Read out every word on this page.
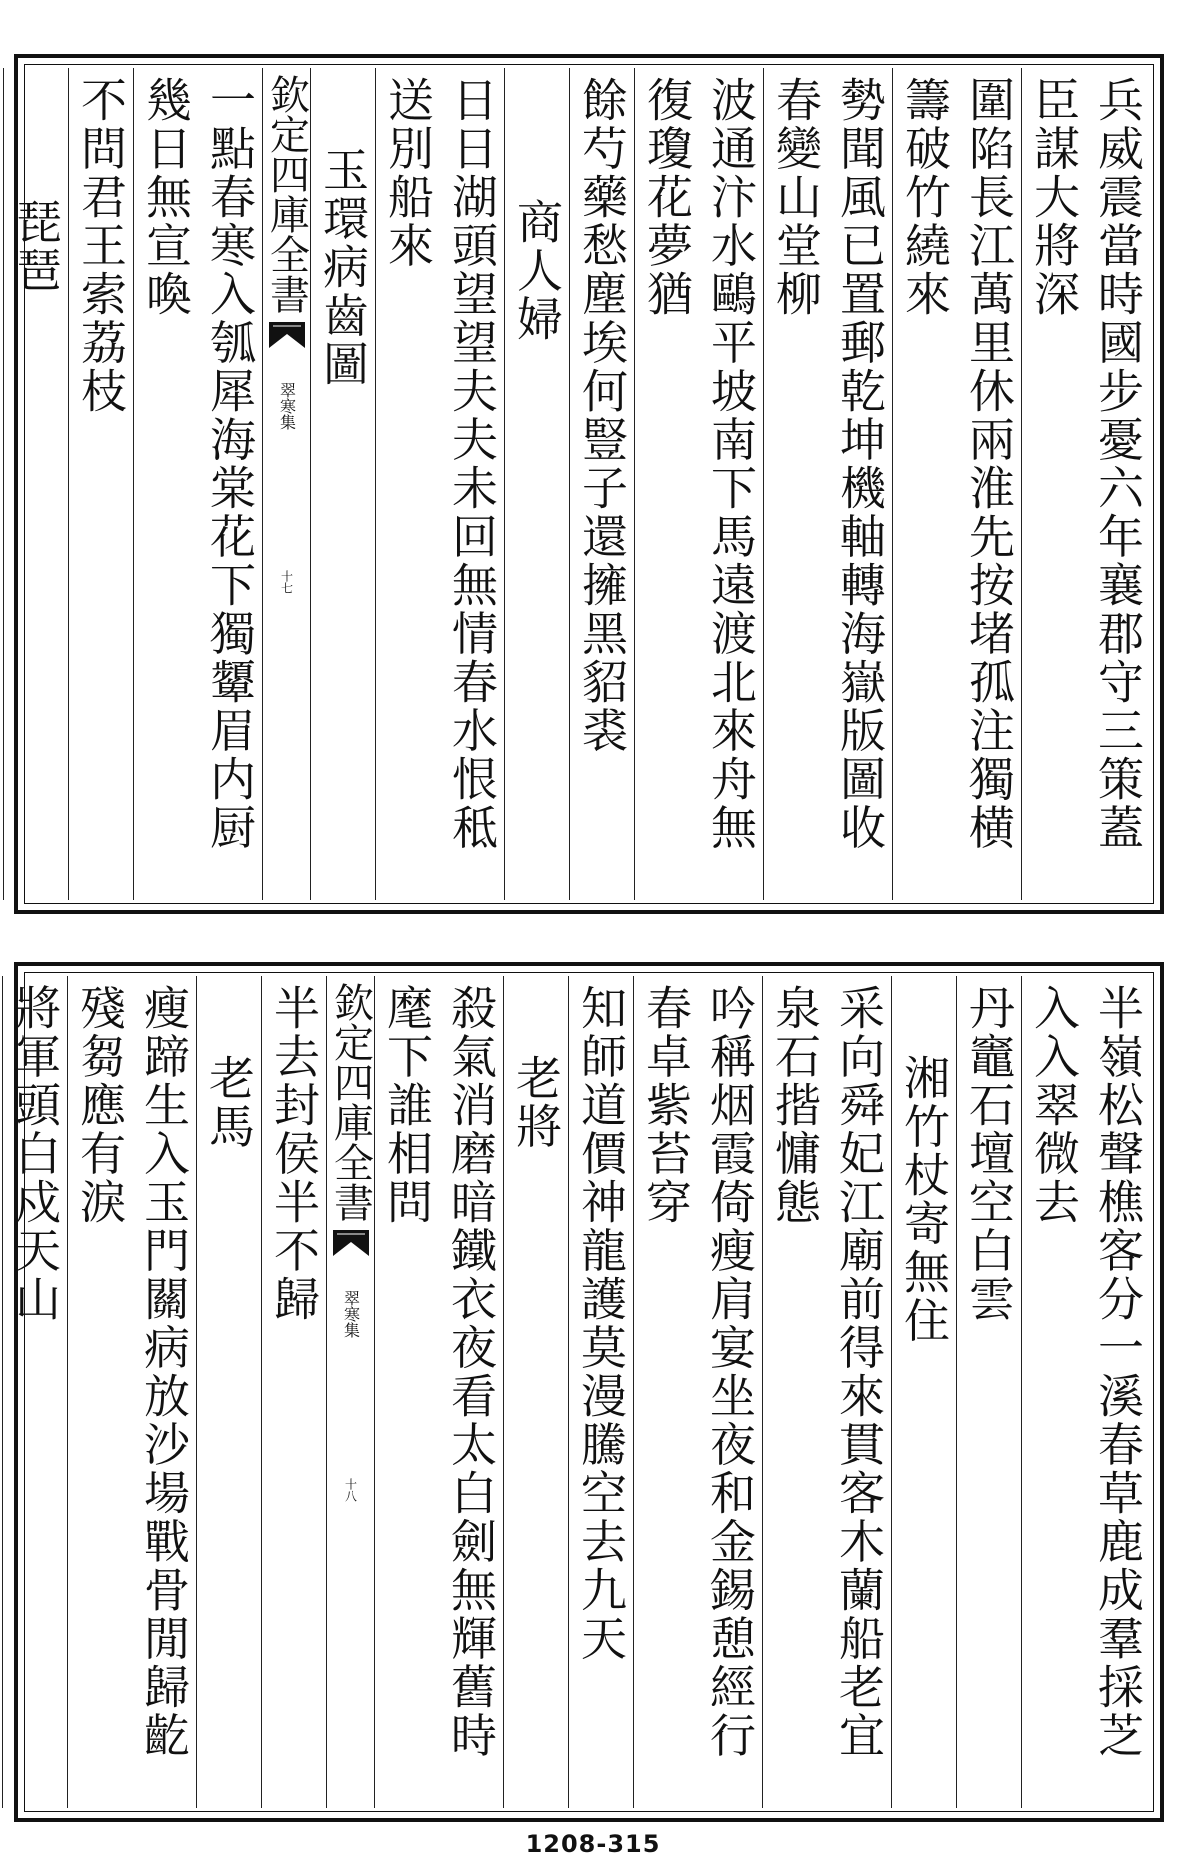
兵威震當時國步憂六年襄郡守三策蓋臣謀大將深
圍陷長江萬里休兩淮先按堵孤注獨横籌破竹繞來
勢聞風已置郵乾坤機軸轉海嶽版圖收春變山堂柳
波通汴水鷗平坡南下馬遠渡北來舟無復瓊花夢猶
餘芍藥愁塵埃何豎子還擁黑貂裘
商人婦
日日湖頭望望夫夫未回無情春水恨秪送別船來
玉環病齒圖
欽定四庫全書
翠寒集
十七
一點春寒入瓠犀海棠花下獨顰眉内厨幾日無宣喚
不問君王索荔枝
琵琶
半嶺松聲樵客分一溪春草鹿成羣採芝入入翠微去
丹竈石壇空白雲
湘竹杖寄無住
采向舜妃江廟前得來貫客木蘭船老宜泉石揩慵態
吟稱烟霞倚瘦肩宴坐夜和金錫憩經行春卓紫苔穿
知師道價神龍護莫漫騰空去九天
老將
殺氣消磨暗鐵衣夜看太白劍無輝舊時麾下誰相問
欽定四庫全書
翠寒集
十八
半去封侯半不歸
老馬
瘦蹄生入玉門關病放沙場戰骨閒歸齕殘芻應有淚
將軍頭白戍天山
1208-315
